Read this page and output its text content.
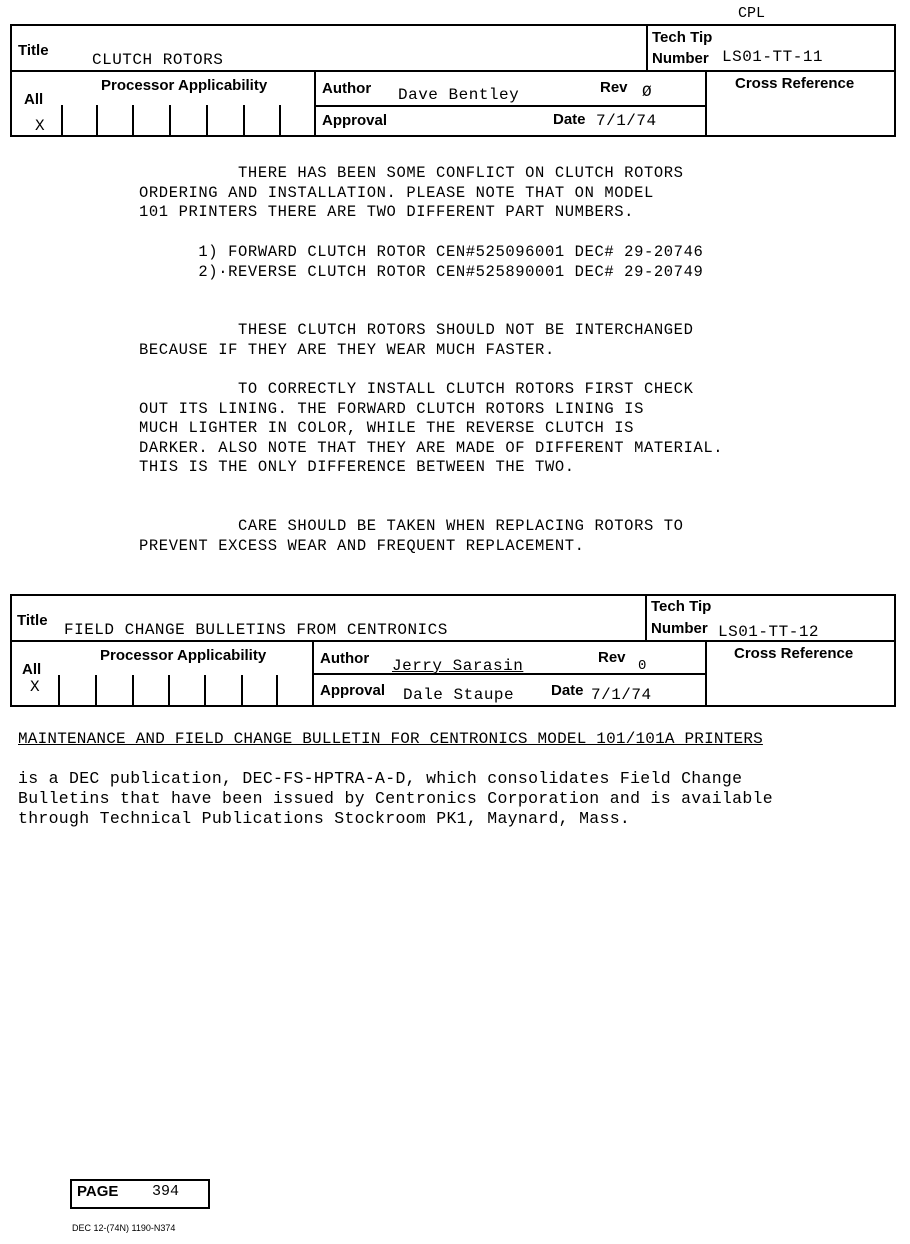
CPL
Title
CLUTCH ROTORS
Tech Tip
Number LS01-TT-11
Processor Applicability
All
X
Author Dave Bentley	Rev Ø	Cross Reference
Approval	Date 7/1/74
THERE HAS BEEN SOME CONFLICT ON CLUTCH ROTORS
ORDERING AND INSTALLATION. PLEASE NOTE THAT ON MODEL
101 PRINTERS THERE ARE TWO DIFFERENT PART NUMBERS.
1) FORWARD CLUTCH ROTOR CEN#525096001 DEC# 29-20746
2)·REVERSE CLUTCH ROTOR CEN#525890001 DEC# 29-20749
THESE CLUTCH ROTORS SHOULD NOT BE INTERCHANGED
BECAUSE IF THEY ARE THEY WEAR MUCH FASTER.
TO CORRECTLY INSTALL CLUTCH ROTORS FIRST CHECK
OUT ITS LINING. THE FORWARD CLUTCH ROTORS LINING IS
MUCH LIGHTER IN COLOR, WHILE THE REVERSE CLUTCH IS
DARKER. ALSO NOTE THAT THEY ARE MADE OF DIFFERENT MATERIAL.
THIS IS THE ONLY DIFFERENCE BETWEEN THE TWO.
CARE SHOULD BE TAKEN WHEN REPLACING ROTORS TO
PREVENT EXCESS WEAR AND FREQUENT REPLACEMENT.
Title
FIELD CHANGE BULLETINS FROM CENTRONICS
Tech Tip
Number LS01-TT-12
Processor Applicability
All
X
Author Jerry Sarasin	Rev 0
Cross Reference
Approval Dale Staupe Date 7/1/74
MAINTENANCE AND FIELD CHANGE BULLETIN FOR CENTRONICS MODEL 101/101A PRINTERS
is a DEC publication, DEC-FS-HPTRA-A-D, which consolidates Field Change
Bulletins that have been issued by Centronics Corporation and is available
through Technical Publications Stockroom PK1, Maynard, Mass.
PAGE 394
DEC 12-(74N) 1190-N374
